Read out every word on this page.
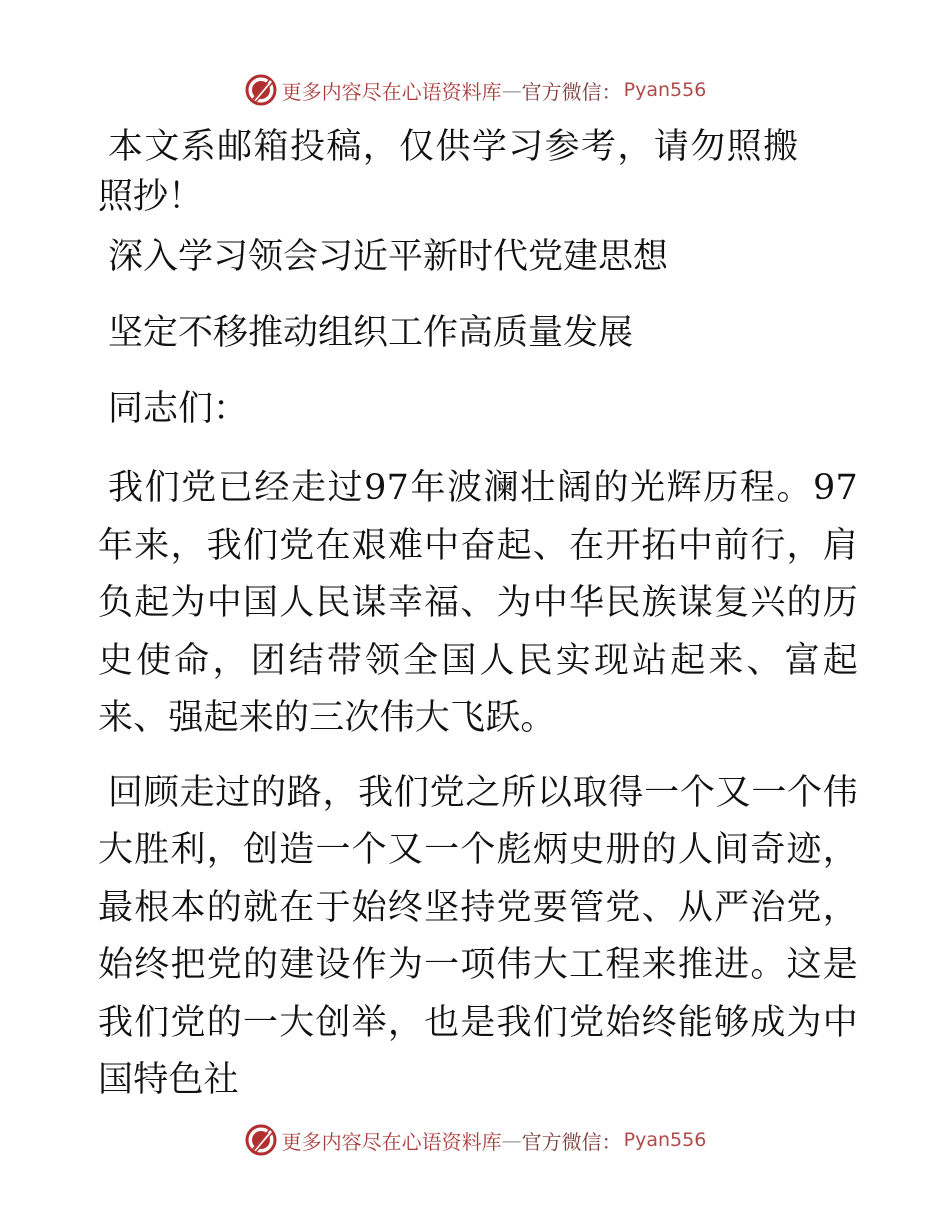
更多内容尽在心语资料库 — 官方微信： Pyan556

本文系邮箱投稿，仅供学习参考，请勿照搬照抄！

深入学习领会习近平新时代党建思想

坚定不移推动组织工作高质量发展

同志们：

我们党已经走过97年波澜壮阔的光辉历程。97年来，我们党在艰难中奋起、在开拓中前行，肩负起为中国人民谋幸福、为中华民族谋复兴的历史使命，团结带领全国人民实现站起来、富起来、强起来的三次伟大飞跃。

回顾走过的路，我们党之所以取得一个又一个伟大胜利，创造一个又一个彪炳史册的人间奇迹，最根本的就在于始终坚持党要管党、从严治党，始终把党的建设作为一项伟大工程来推进。这是我们党的一大创举，也是我们党始终能够成为中国特色社

更多内容尽在心语资料库 — 官方微信： Pyan556
